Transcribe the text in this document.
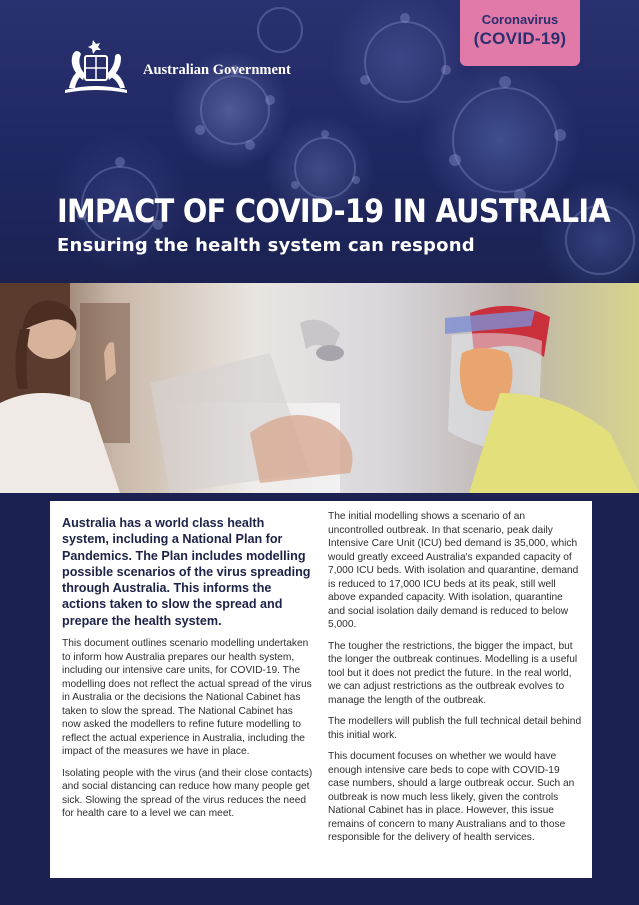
Coronavirus
(COVID-19)
Australian Government
IMPACT OF COVID-19 IN AUSTRALIA
Ensuring the health system can respond

Australia has a world class health system, including a National Plan for Pandemics. The Plan includes modelling possible scenarios of the virus spreading through Australia. This informs the actions taken to slow the spread and prepare the health system.

This document outlines scenario modelling undertaken to inform how Australia prepares our health system, including our intensive care units, for COVID-19. The modelling does not reflect the actual spread of the virus in Australia or the decisions the National Cabinet has taken to slow the spread. The National Cabinet has now asked the modellers to refine future modelling to reflect the actual experience in Australia, including the impact of the measures we have in place.

Isolating people with the virus (and their close contacts) and social distancing can reduce how many people get sick. Slowing the spread of the virus reduces the need for health care to a level we can meet.

The initial modelling shows a scenario of an uncontrolled outbreak. In that scenario, peak daily Intensive Care Unit (ICU) bed demand is 35,000, which would greatly exceed Australia's expanded capacity of 7,000 ICU beds. With isolation and quarantine, demand is reduced to 17,000 ICU beds at its peak, still well above expanded capacity. With isolation, quarantine and social isolation daily demand is reduced to below 5,000.

The tougher the restrictions, the bigger the impact, but the longer the outbreak continues. Modelling is a useful tool but it does not predict the future. In the real world, we can adjust restrictions as the outbreak evolves to manage the length of the outbreak.

The modellers will publish the full technical detail behind this initial work.

This document focuses on whether we would have enough intensive care beds to cope with COVID-19 case numbers, should a large outbreak occur. Such an outbreak is now much less likely, given the controls National Cabinet has in place. However, this issue remains of concern to many Australians and to those responsible for the delivery of health services.
